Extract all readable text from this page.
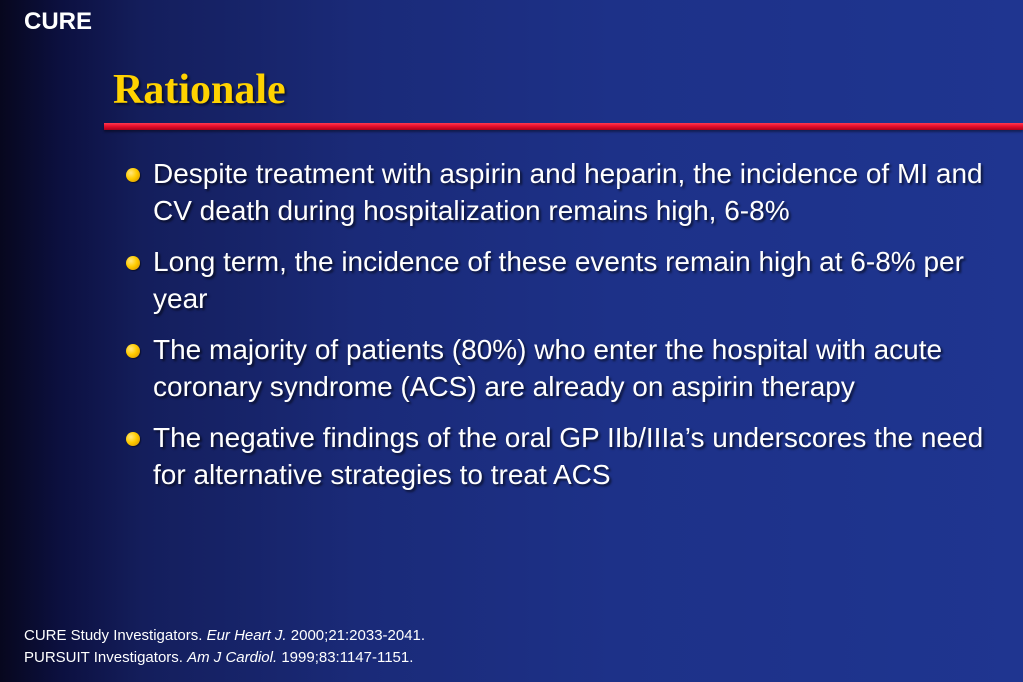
CURE
Rationale
Despite treatment with aspirin and heparin, the incidence of MI and CV death during hospitalization remains high, 6-8%
Long term, the incidence of these events remain high at 6-8% per year
The majority of patients (80%) who enter the hospital with acute coronary syndrome (ACS) are already on aspirin therapy
The negative findings of the oral GP IIb/IIIa’s underscores the need for alternative strategies to treat ACS
CURE Study Investigators. Eur Heart J. 2000;21:2033-2041.
PURSUIT Investigators. Am J Cardiol. 1999;83:1147-1151.
